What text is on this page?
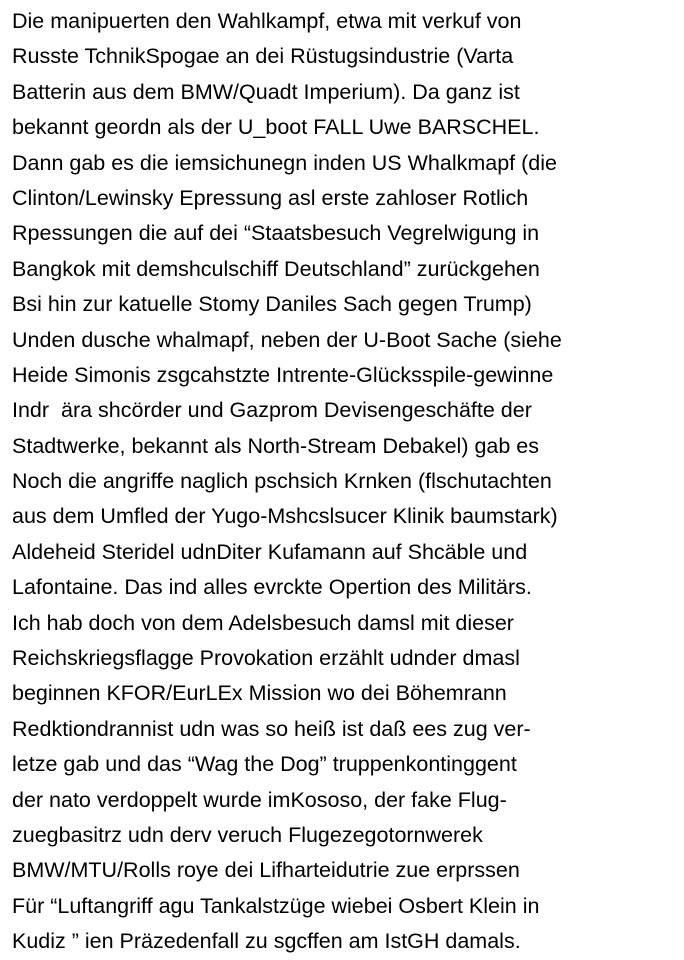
Die manipuerten den Wahlkampf, etwa mit verkuf von
Russte TchnikSpogae an dei Rüstugsindustrie (Varta
Batterin aus dem BMW/Quadt Imperium). Da ganz ist
bekannt geordn als der U_boot FALL Uwe BARSCHEL.
Dann gab es die iemsichunegn inden US Whalkmapf (die
Clinton/Lewinsky Epressung asl erste zahloser Rotlich
Rpessungen die auf dei “Staatsbesuch Vegrelwigung in
Bangkok mit demshculschiff Deutschland” zurückgehen
Bsi hin zur katuelle Stomy Daniles Sach gegen Trump)
Unden dusche whalmapf, neben der U-Boot Sache (siehe
Heide Simonis zsgcahstzte Intrente-Glücksspile-gewinne
Indr  ära shcörder und Gazprom Devisengeschäfte der
Stadtwerke, bekannt als North-Stream Debakel) gab es
Noch die angriffe naglich pschsich Krnken (flschutachten
aus dem Umfled der Yugo-Mshcslsucer Klinik baumstark)
Aldeheid Steridel udnDiter Kufamann auf Shcäble und
Lafontaine. Das ind alles evrckte Opertion des Militärs.
Ich hab doch von dem Adelsbesuch damsl mit dieser
Reichskriegsflagge Provokation erzählt udnder dmasl
beginnen KFOR/EurLEx Mission wo dei Böhemrann
Redktiondrannist udn was so heiß ist daß ees zug ver-
letze gab und das “Wag the Dog” truppenkontinggent
der nato verdoppelt wurde imKososo, der fake Flug-
zuegbasitrz udn derv veruch Flugezegotornwerek
BMW/MTU/Rolls roye dei Lifharteidutrie zue erprssen
Für “Luftangriff agu Tankalstzüge wiebei Osbert Klein in
Kudiz ” ien Präzedenfall zu sgcffen am IstGH damals.
